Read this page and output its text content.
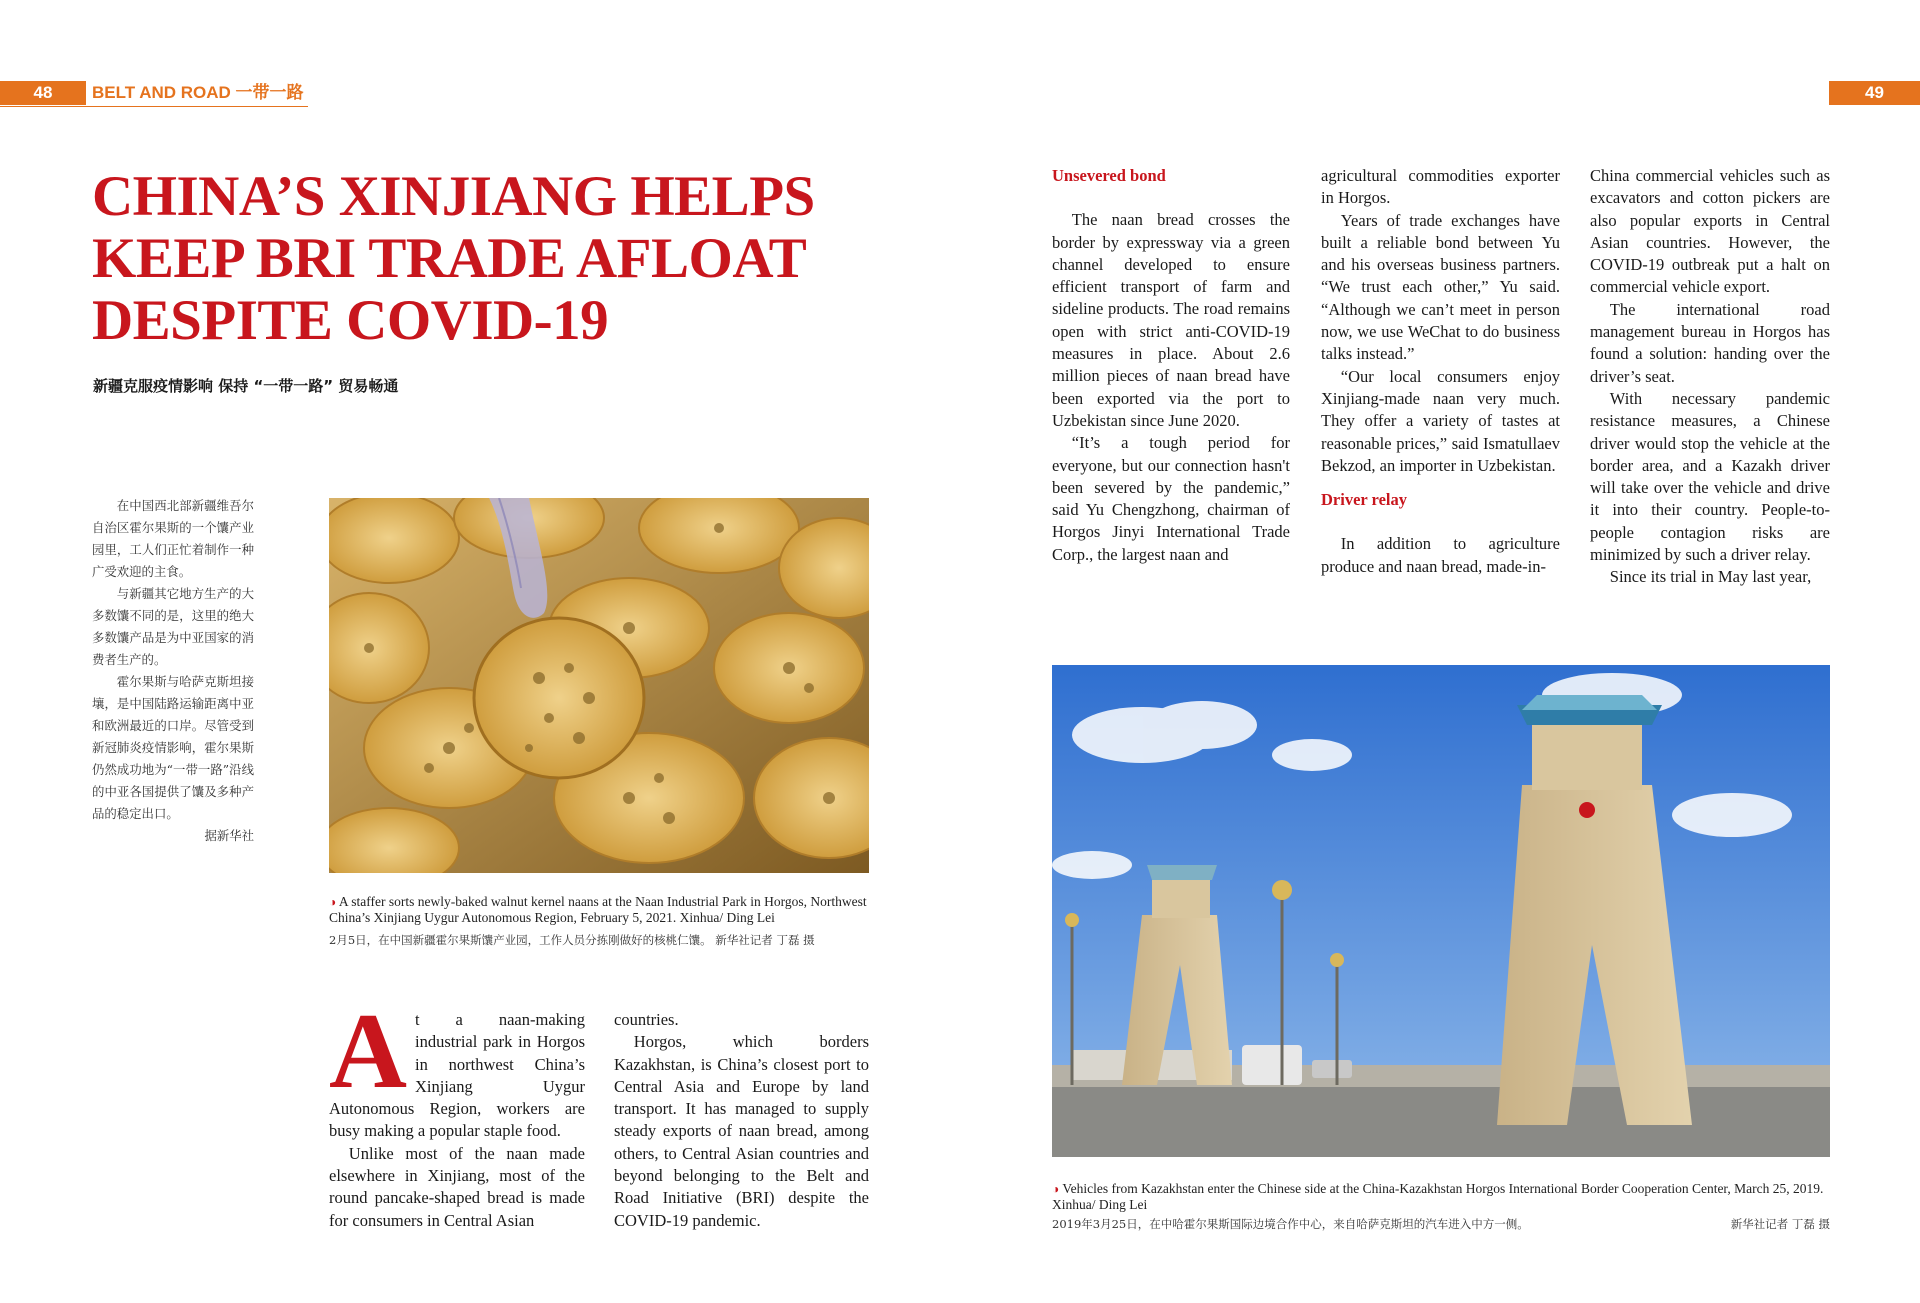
48	BELT AND ROAD 一带一路	49
CHINA’S XINJIANG HELPS KEEP BRI TRADE AFLOAT DESPITE COVID-19
新疆克服疫情影响 保持 “一带一路” 贸易畅通

在中国西北部新疆维吾尔自治区霍尔果斯的一个馕产业园里，工人们正忙着制作一种广受欢迎的主食。

与新疆其它地方生产的大多数馕不同的是，这里的绝大多数馕产品是为中亚国家的消费者生产的。

霍尔果斯与哈萨克斯坦接壤，是中国陆路运输距离中亚和欧洲最近的口岸。尽管受到新冠肺炎疫情影响，霍尔果斯仍然成功地为“一带一路”沿线的中亚各国提供了馕及多种产品的稳定出口。

据新华社

◑ A staffer sorts newly-baked walnut kernel naans at the Naan Industrial Park in Horgos, Northwest China’s Xinjiang Uygur Autonomous Region, February 5, 2021. Xinhua/ Ding Lei
2月5日，在中国新疆霍尔果斯馕产业园，工作人员分拣刚做好的核桃仁馕。 新华社记者 丁磊 摄
A t a naan-making industrial park in Horgos in northwest China’s Xinjiang Uygur Autonomous Region, workers are busy making a popular staple food.

Unlike most of the naan made elsewhere in Xinjiang, most of the round pancake-shaped bread is made for consumers in Central Asian

countries.

Horgos, which borders Kazakhstan, is China’s closest port to Central Asia and Europe by land transport. It has managed to supply steady exports of naan bread, among others, to Central Asian countries and beyond belonging to the Belt and Road Initiative (BRI) despite the COVID-19 pandemic.

Unsevered bond

The naan bread crosses the border by expressway via a green channel developed to ensure efficient transport of farm and sideline products. The road remains open with strict anti-COVID-19 measures in place. About 2.6 million pieces of naan bread have been exported via the port to Uzbekistan since June 2020.

“It’s a tough period for everyone, but our connection hasn't been severed by the pandemic,” said Yu Chengzhong, chairman of Horgos Jinyi International Trade Corp., the largest naan and

agricultural commodities exporter in Horgos.

Years of trade exchanges have built a reliable bond between Yu and his overseas business partners. “We trust each other,” Yu said. “Although we can’t meet in person now, we use WeChat to do business talks instead.”

“Our local consumers enjoy Xinjiang-made naan very much. They offer a variety of tastes at reasonable prices,” said Ismatullaev Bekzod, an importer in Uzbekistan.

Driver relay

In addition to agriculture produce and naan bread, made-in-

China commercial vehicles such as excavators and cotton pickers are also popular exports in Central Asian countries. However, the COVID-19 outbreak put a halt on commercial vehicle export.

The international road management bureau in Horgos has found a solution: handing over the driver’s seat.

With necessary pandemic resistance measures, a Chinese driver would stop the vehicle at the border area, and a Kazakh driver will take over the vehicle and drive it into their country. People-to-people contagion risks are minimized by such a driver relay.

Since its trial in May last year,

◑ Vehicles from Kazakhstan enter the Chinese side at the China-Kazakhstan Horgos International Border Cooperation Center, March 25, 2019. Xinhua/ Ding Lei
2019年3月25日，在中哈霍尔果斯国际边境合作中心，来自哈萨克斯坦的汽车进入中方一侧。	新华社记者 丁磊 摄
